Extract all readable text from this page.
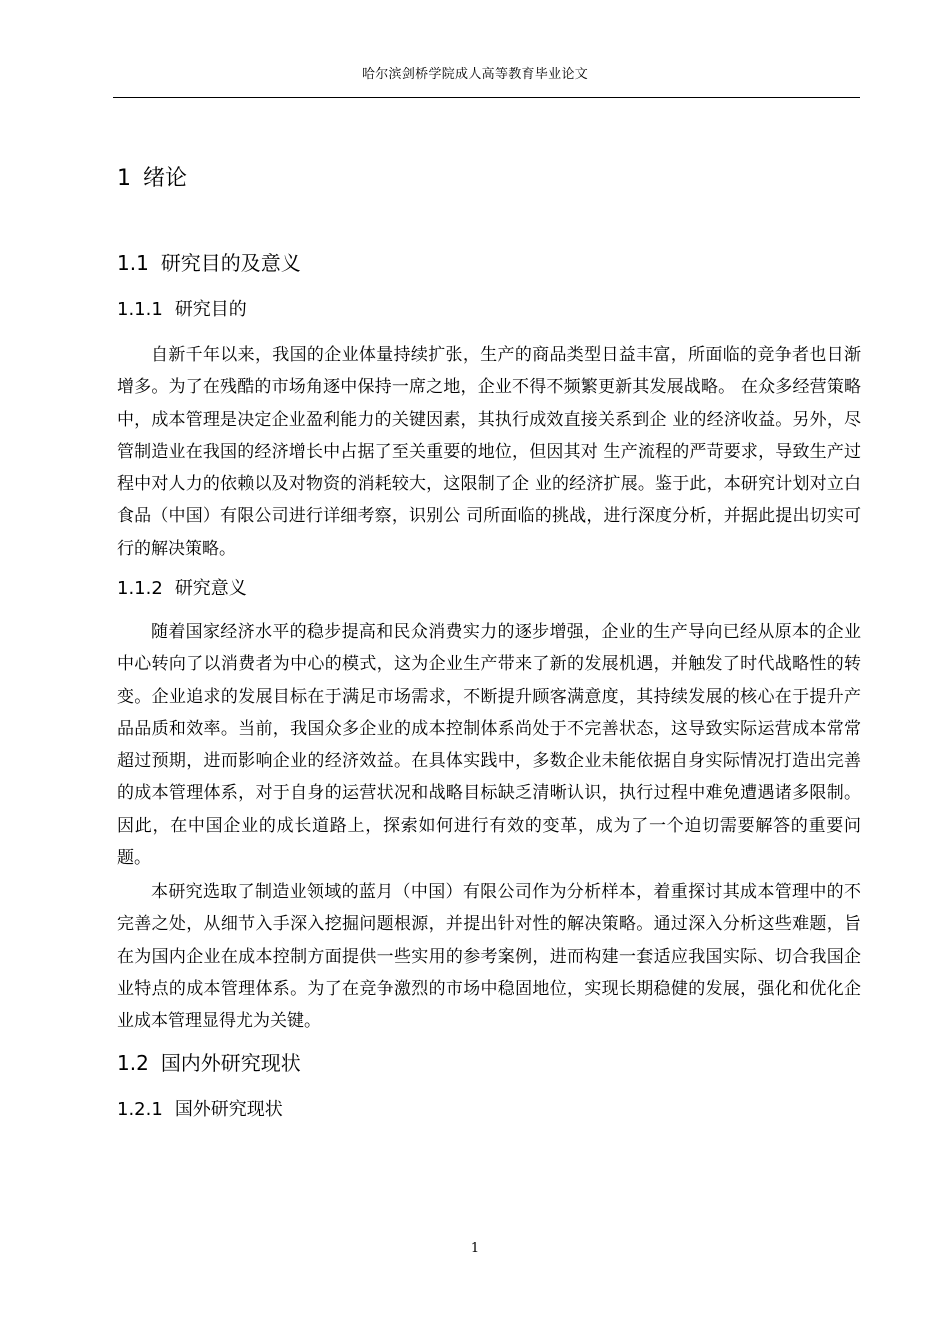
哈尔滨剑桥学院成人高等教育毕业论文
1 绪论
1.1 研究目的及意义
1.1.1 研究目的

自新千年以来，我国的企业体量持续扩张，生产的商品类型日益丰富，所面临的竞争者也日渐增多。为了在残酷的市场角逐中保持一席之地，企业不得不频繁更新其发展战略。 在众多经营策略中，成本管理是决定企业盈利能力的关键因素，其执行成效直接关系到企 业的经济收益。另外，尽管制造业在我国的经济增长中占据了至关重要的地位，但因其对 生产流程的严苛要求，导致生产过程中对人力的依赖以及对物资的消耗较大，这限制了企 业的经济扩展。鉴于此，本研究计划对立白食品（中国）有限公司进行详细考察，识别公 司所面临的挑战，进行深度分析，并据此提出切实可行的解决策略。

1.1.2 研究意义

随着国家经济水平的稳步提高和民众消费实力的逐步增强，企业的生产导向已经从原本的企业中心转向了以消费者为中心的模式，这为企业生产带来了新的发展机遇，并触发了时代战略性的转变。企业追求的发展目标在于满足市场需求，不断提升顾客满意度，其持续发展的核心在于提升产品品质和效率。当前，我国众多企业的成本控制体系尚处于不完善状态，这导致实际运营成本常常超过预期，进而影响企业的经济效益。在具体实践中，多数企业未能依据自身实际情况打造出完善的成本管理体系，对于自身的运营状况和战略目标缺乏清晰认识，执行过程中难免遭遇诸多限制。因此，在中国企业的成长道路上，探索如何进行有效的变革，成为了一个迫切需要解答的重要问题。

本研究选取了制造业领域的蓝月（中国）有限公司作为分析样本，着重探讨其成本管理中的不完善之处，从细节入手深入挖掘问题根源，并提出针对性的解决策略。通过深入分析这些难题，旨在为国内企业在成本控制方面提供一些实用的参考案例，进而构建一套适应我国实际、切合我国企业特点的成本管理体系。为了在竞争激烈的市场中稳固地位，实现长期稳健的发展，强化和优化企业成本管理显得尤为关键。

1.2 国内外研究现状
1.2.1 国外研究现状
1
